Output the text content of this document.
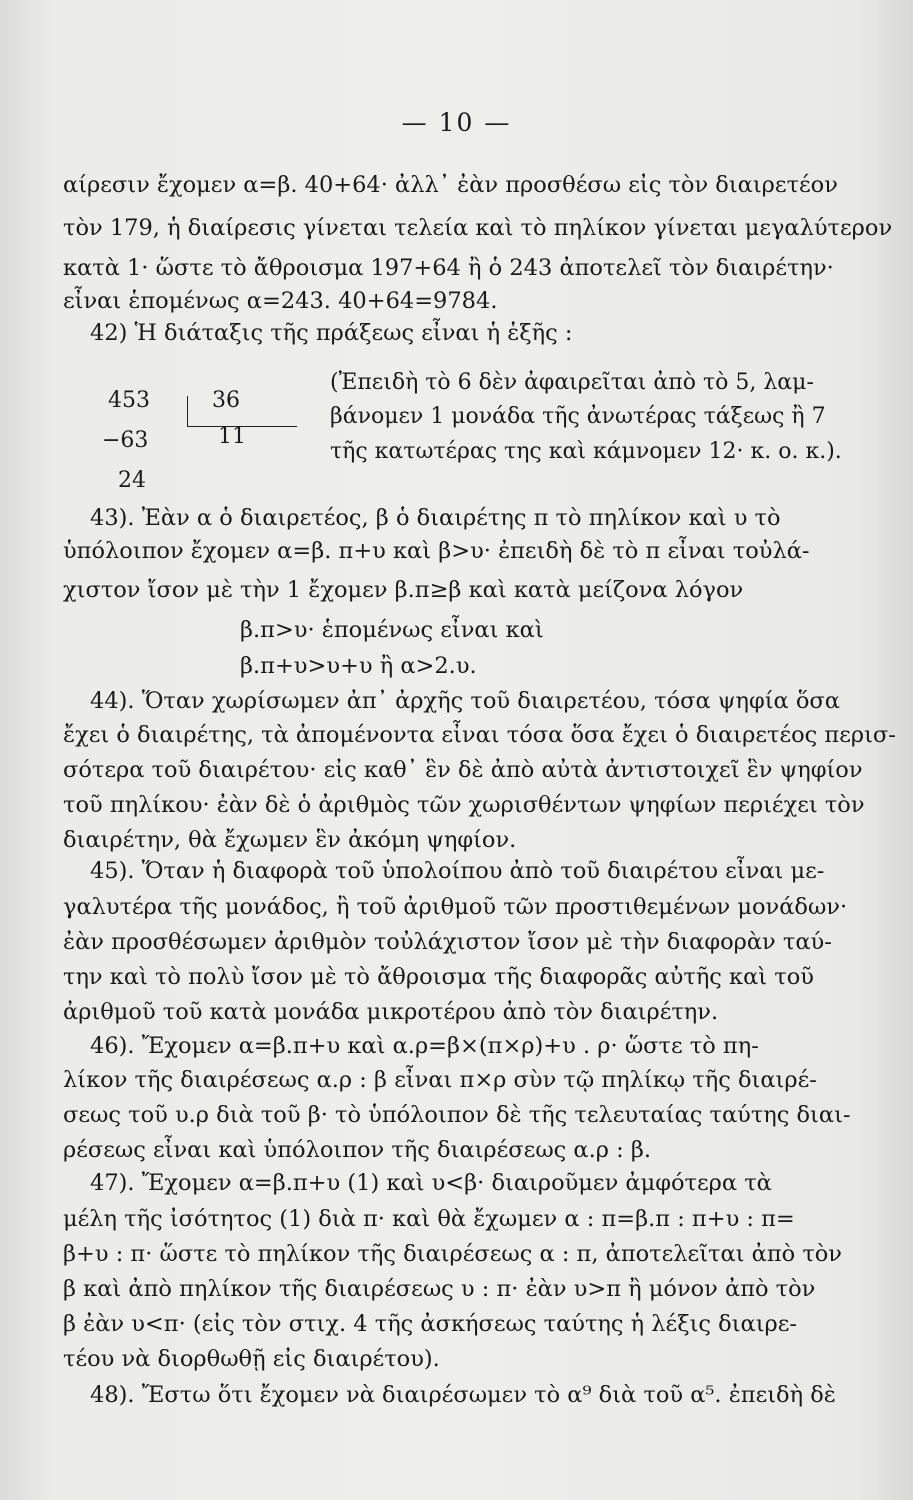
— 10 —
αίρεσιν ἔχομεν α=β. 40+64· ἀλλ᾽ ἐὰν προσθέσω εἰς τὸν διαιρετέον
τὸν 179, ἡ διαίρεσις γίνεται τελεία καὶ τὸ πηλίκον γίνεται μεγαλύτερον
κατὰ 1· ὥστε τὸ ἄθροισμα 197+64 ἢ ὁ 243 ἀποτελεῖ τὸν διαιρέτην·
εἶναι ἑπομένως α=243. 40+64=9784.
42) Ἡ διάταξις τῆς πράξεως εἶναι ἡ ἑξῆς :
453
−63
24
36
11
(Ἐπειδὴ τὸ 6 δὲν ἀφαιρεῖται ἀπὸ τὸ 5, λαμ-
βάνομεν 1 μονάδα τῆς ἀνωτέρας τάξεως ἢ 7
τῆς κατωτέρας της καὶ κάμνομεν 12· κ. ο. κ.).
43). Ἐὰν α ὁ διαιρετέος, β ὁ διαιρέτης π τὸ πηλίκον καὶ υ τὸ
ὑπόλοιπον ἔχομεν α=β. π+υ καὶ β>υ· ἐπειδὴ δὲ τὸ π εἶναι τοὐλά-
χιστον ἴσον μὲ τὴν 1 ἔχομεν β.π≥β καὶ κατὰ μείζονα λόγον
β.π>υ· ἑπομένως εἶναι καὶ
β.π+υ>υ+υ ἢ α>2.υ.
44). Ὅταν χωρίσωμεν ἀπ᾽ ἀρχῆς τοῦ διαιρετέου, τόσα ψηφία ὅσα
ἔχει ὁ διαιρέτης, τὰ ἀπομένοντα εἶναι τόσα ὅσα ἔχει ὁ διαιρετέος περισ-
σότερα τοῦ διαιρέτου· εἰς καθ᾽ ἓν δὲ ἀπὸ αὐτὰ ἀντιστοιχεῖ ἓν ψηφίον
τοῦ πηλίκου· ἐὰν δὲ ὁ ἀριθμὸς τῶν χωρισθέντων ψηφίων περιέχει τὸν
διαιρέτην, θὰ ἔχωμεν ἓν ἀκόμη ψηφίον.
45). Ὅταν ἡ διαφορὰ τοῦ ὑπολοίπου ἀπὸ τοῦ διαιρέτου εἶναι με-
γαλυτέρα τῆς μονάδος, ἢ τοῦ ἀριθμοῦ τῶν προστιθεμένων μονάδων·
ἐὰν προσθέσωμεν ἀριθμὸν τοὐλάχιστον ἴσον μὲ τὴν διαφορὰν ταύ-
την καὶ τὸ πολὺ ἴσον μὲ τὸ ἄθροισμα τῆς διαφορᾶς αὐτῆς καὶ τοῦ
ἀριθμοῦ τοῦ κατὰ μονάδα μικροτέρου ἀπὸ τὸν διαιρέτην.
46). Ἔχομεν α=β.π+υ καὶ α.ρ=β×(π×ρ)+υ . ρ· ὥστε τὸ πη-
λίκον τῆς διαιρέσεως α.ρ : β εἶναι π×ρ σὺν τῷ πηλίκῳ τῆς διαιρέ-
σεως τοῦ υ.ρ διὰ τοῦ β· τὸ ὑπόλοιπον δὲ τῆς τελευταίας ταύτης διαι-
ρέσεως εἶναι καὶ ὑπόλοιπον τῆς διαιρέσεως α.ρ : β.
47). Ἔχομεν α=β.π+υ (1) καὶ υ<β· διαιροῦμεν ἀμφότερα τὰ
μέλη τῆς ἰσότητος (1) διὰ π· καὶ θὰ ἔχωμεν α : π=β.π : π+υ : π=
β+υ : π· ὥστε τὸ πηλίκον τῆς διαιρέσεως α : π, ἀποτελεῖται ἀπὸ τὸν
β καὶ ἀπὸ πηλίκον τῆς διαιρέσεως υ : π· ἐὰν υ>π ἢ μόνον ἀπὸ τὸν
β ἐὰν υ<π· (εἰς τὸν στιχ. 4 τῆς ἀσκήσεως ταύτης ἡ λέξις διαιρε-
τέου νὰ διορθωθῇ εἰς διαιρέτου).
48). Ἔστω ὅτι ἔχομεν νὰ διαιρέσωμεν τὸ α⁹ διὰ τοῦ α⁵. ἐπειδὴ δὲ
